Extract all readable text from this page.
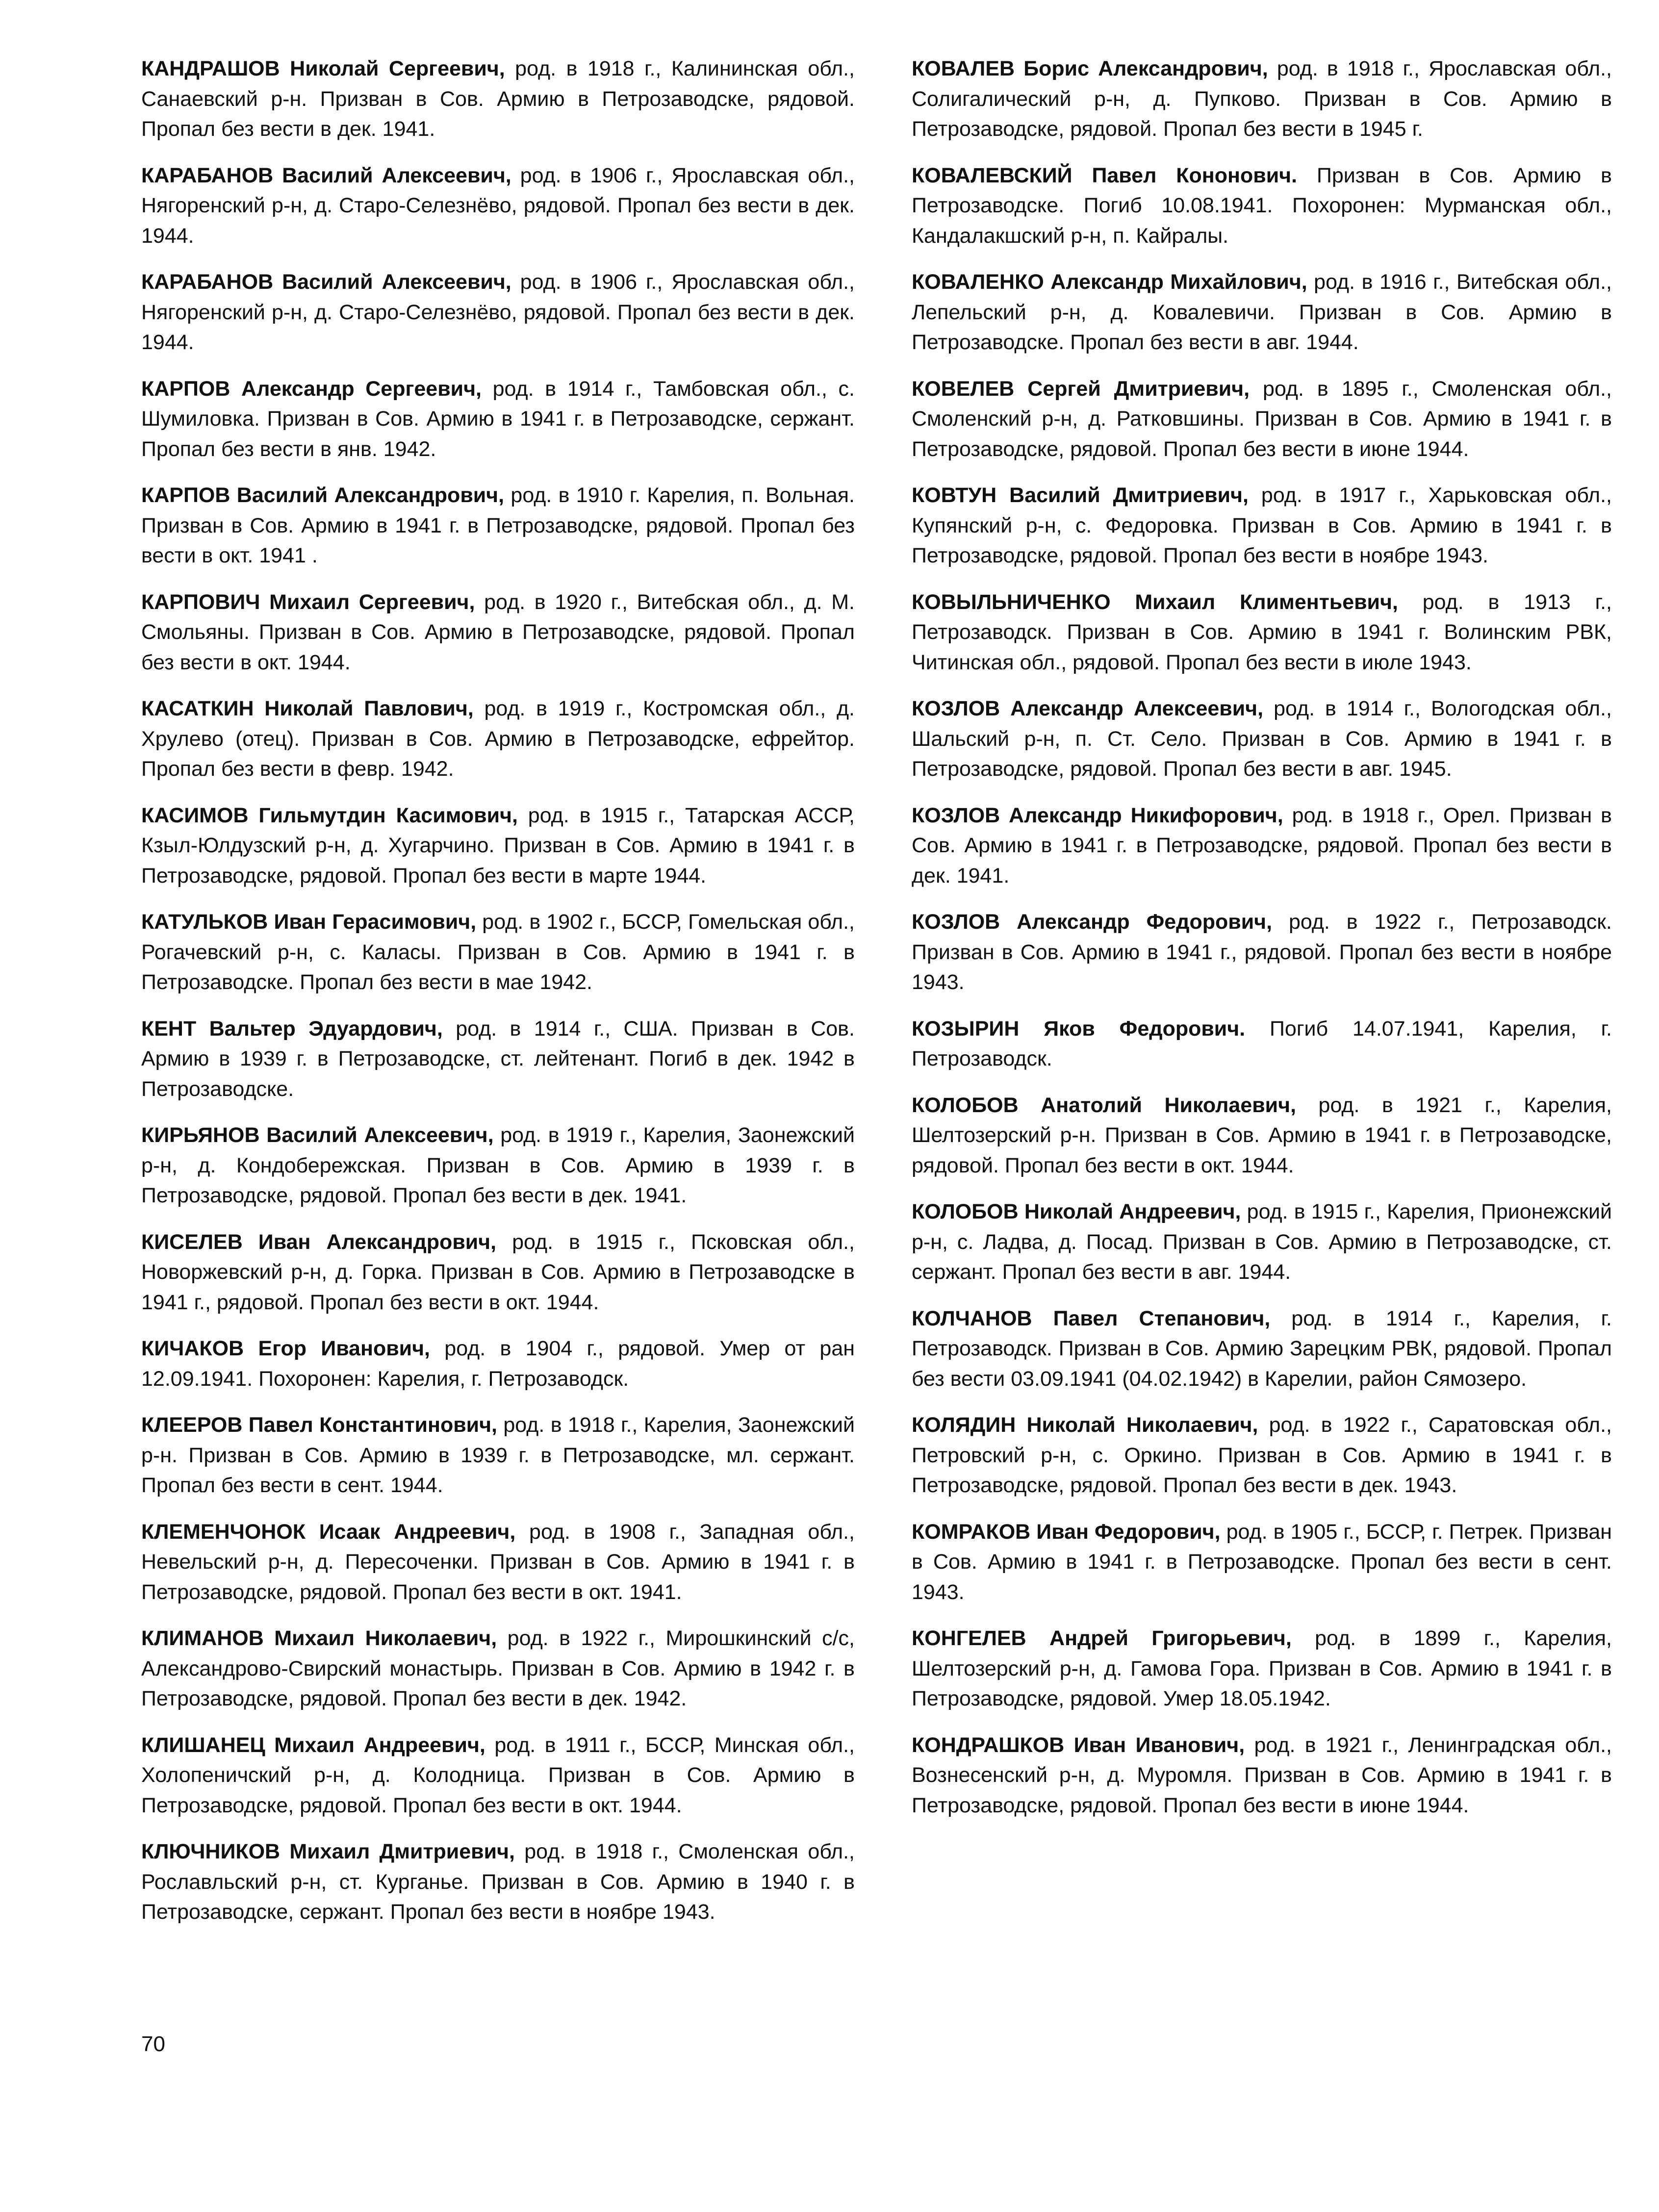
КАНДРАШОВ Николай Сергеевич, род. в 1918 г., Калининская обл., Санаевский р-н. Призван в Сов. Армию в Петрозаводске, рядовой. Пропал без вести в дек. 1941.

КАРАБАНОВ Василий Алексеевич, род. в 1906 г., Ярославская обл., Нягоренский р-н, д. Старо-Селезнёво, рядовой. Пропал без вести в дек. 1944.

КАРАБАНОВ Василий Алексеевич, род. в 1906 г., Ярославская обл., Нягоренский р-н, д. Старо-Селезнёво, рядовой. Пропал без вести в дек. 1944.

КАРПОВ Александр Сергеевич, род. в 1914 г., Тамбовская обл., с. Шумиловка. Призван в Сов. Армию в 1941 г. в Петрозаводске, сержант. Пропал без вести в янв. 1942.

КАРПОВ Василий Александрович, род. в 1910 г. Карелия, п. Вольная. Призван в Сов. Армию в 1941 г. в Петрозаводске, рядовой. Пропал без вести в окт. 1941 .

КАРПОВИЧ Михаил Сергеевич, род. в 1920 г., Витебская обл., д. М. Смольяны. Призван в Сов. Армию в Петрозаводске, рядовой. Пропал без вести в окт. 1944.

КАСАТКИН Николай Павлович, род. в 1919 г., Костромская обл., д. Хрулево (отец). Призван в Сов. Армию в Петрозаводске, ефрейтор. Пропал без вести в февр. 1942.

КАСИМОВ Гильмутдин Касимович, род. в 1915 г., Татарская АССР, Кзыл-Юлдузский р-н, д. Хугарчино. Призван в Сов. Армию в 1941 г. в Петрозаводске, рядовой. Пропал без вести в марте 1944.

КАТУЛЬКОВ Иван Герасимович, род. в 1902 г., БССР, Гомельская обл., Рогачевский р-н, с. Каласы. Призван в Сов. Армию в 1941 г. в Петрозаводске. Пропал без вести в мае 1942.

КЕНТ Вальтер Эдуардович, род. в 1914 г., США. Призван в Сов. Армию в 1939 г. в Петрозаводске, ст. лейтенант. Погиб в дек. 1942 в Петрозаводске.

КИРЬЯНОВ Василий Алексеевич, род. в 1919 г., Карелия, Заонежский р-н, д. Кондобережская. Призван в Сов. Армию в 1939 г. в Петрозаводске, рядовой. Пропал без вести в дек. 1941.

КИСЕЛЕВ Иван Александрович, род. в 1915 г., Псковская обл., Новоржевский р-н, д. Горка. Призван в Сов. Армию в Петрозаводске в 1941 г., рядовой. Пропал без вести в окт. 1944.

КИЧАКОВ Егор Иванович, род. в 1904 г., рядовой. Умер от ран 12.09.1941. Похоронен: Карелия, г. Петрозаводск.

КЛЕЕРОВ Павел Константинович, род. в 1918 г., Карелия, Заонежский р-н. Призван в Сов. Армию в 1939 г. в Петрозаводске, мл. сержант. Пропал без вести в сент. 1944.

КЛЕМЕНЧОНОК Исаак Андреевич, род. в 1908 г., Западная обл., Невельский р-н, д. Пересоченки. Призван в Сов. Армию в 1941 г. в Петрозаводске, рядовой. Пропал без вести в окт. 1941.

КЛИМАНОВ Михаил Николаевич, род. в 1922 г., Мирошкинский с/с, Александрово-Свирский монастырь. Призван в Сов. Армию в 1942 г. в Петрозаводске, рядовой. Пропал без вести в дек. 1942.

КЛИШАНЕЦ Михаил Андреевич, род. в 1911 г., БССР, Минская обл., Холопеничский р-н, д. Колодница. Призван в Сов. Армию в Петрозаводске, рядовой. Пропал без вести в окт. 1944.

КЛЮЧНИКОВ Михаил Дмитриевич, род. в 1918 г., Смоленская обл., Рославльский р-н, ст. Курганье. Призван в Сов. Армию в 1940 г. в Петрозаводске, сержант. Пропал без вести в ноябре 1943.

КОВАЛЕВ Борис Александрович, род. в 1918 г., Ярославская обл., Солигалический р-н, д. Пупково. Призван в Сов. Армию в Петрозаводске, рядовой. Пропал без вести в 1945 г.

КОВАЛЕВСКИЙ Павел Кононович. Призван в Сов. Армию в Петрозаводске. Погиб 10.08.1941. Похоронен: Мурманская обл., Кандалакшский р-н, п. Кайралы.

КОВАЛЕНКО Александр Михайлович, род. в 1916 г., Витебская обл., Лепельский р-н, д. Ковалевичи. Призван в Сов. Армию в Петрозаводске. Пропал без вести в авг. 1944.

КОВЕЛЕВ Сергей Дмитриевич, род. в 1895 г., Смоленская обл., Смоленский р-н, д. Ратковшины. Призван в Сов. Армию в 1941 г. в Петрозаводске, рядовой. Пропал без вести в июне 1944.

КОВТУН Василий Дмитриевич, род. в 1917 г., Харьковская обл., Купянский р-н, с. Федоровка. Призван в Сов. Армию в 1941 г. в Петрозаводске, рядовой. Пропал без вести в ноябре 1943.

КОВЫЛЬНИЧЕНКО Михаил Климентьевич, род. в 1913 г., Петрозаводск. Призван в Сов. Армию в 1941 г. Волинским РВК, Читинская обл., рядовой. Пропал без вести в июле 1943.

КОЗЛОВ Александр Алексеевич, род. в 1914 г., Вологодская обл., Шальский р-н, п. Ст. Село. Призван в Сов. Армию в 1941 г. в Петрозаводске, рядовой. Пропал без вести в авг. 1945.

КОЗЛОВ Александр Никифорович, род. в 1918 г., Орел. Призван в Сов. Армию в 1941 г. в Петрозаводске, рядовой. Пропал без вести в дек. 1941.

КОЗЛОВ Александр Федорович, род. в 1922 г., Петрозаводск. Призван в Сов. Армию в 1941 г., рядовой. Пропал без вести в ноябре 1943.

КОЗЫРИН Яков Федорович. Погиб 14.07.1941, Карелия, г. Петрозаводск.

КОЛОБОВ Анатолий Николаевич, род. в 1921 г., Карелия, Шелтозерский р-н. Призван в Сов. Армию в 1941 г. в Петрозаводске, рядовой. Пропал без вести в окт. 1944.

КОЛОБОВ Николай Андреевич, род. в 1915 г., Карелия, Прионежский р-н, с. Ладва, д. Посад. Призван в Сов. Армию в Петрозаводске, ст. сержант. Пропал без вести в авг. 1944.

КОЛЧАНОВ Павел Степанович, род. в 1914 г., Карелия, г. Петрозаводск. Призван в Сов. Армию Зарецким РВК, рядовой. Пропал без вести 03.09.1941 (04.02.1942) в Карелии, район Сямозеро.

КОЛЯДИН Николай Николаевич, род. в 1922 г., Саратовская обл., Петровский р-н, с. Оркино. Призван в Сов. Армию в 1941 г. в Петрозаводске, рядовой. Пропал без вести в дек. 1943.

КОМРАКОВ Иван Федорович, род. в 1905 г., БССР, г. Петрек. Призван в Сов. Армию в 1941 г. в Петрозаводске. Пропал без вести в сент. 1943.

КОНГЕЛЕВ Андрей Григорьевич, род. в 1899 г., Карелия, Шелтозерский р-н, д. Гамова Гора. Призван в Сов. Армию в 1941 г. в Петрозаводске, рядовой. Умер 18.05.1942.

КОНДРАШКОВ Иван Иванович, род. в 1921 г., Ленинградская обл., Вознесенский р-н, д. Муромля. Призван в Сов. Армию в 1941 г. в Петрозаводске, рядовой. Пропал без вести в июне 1944.

70
